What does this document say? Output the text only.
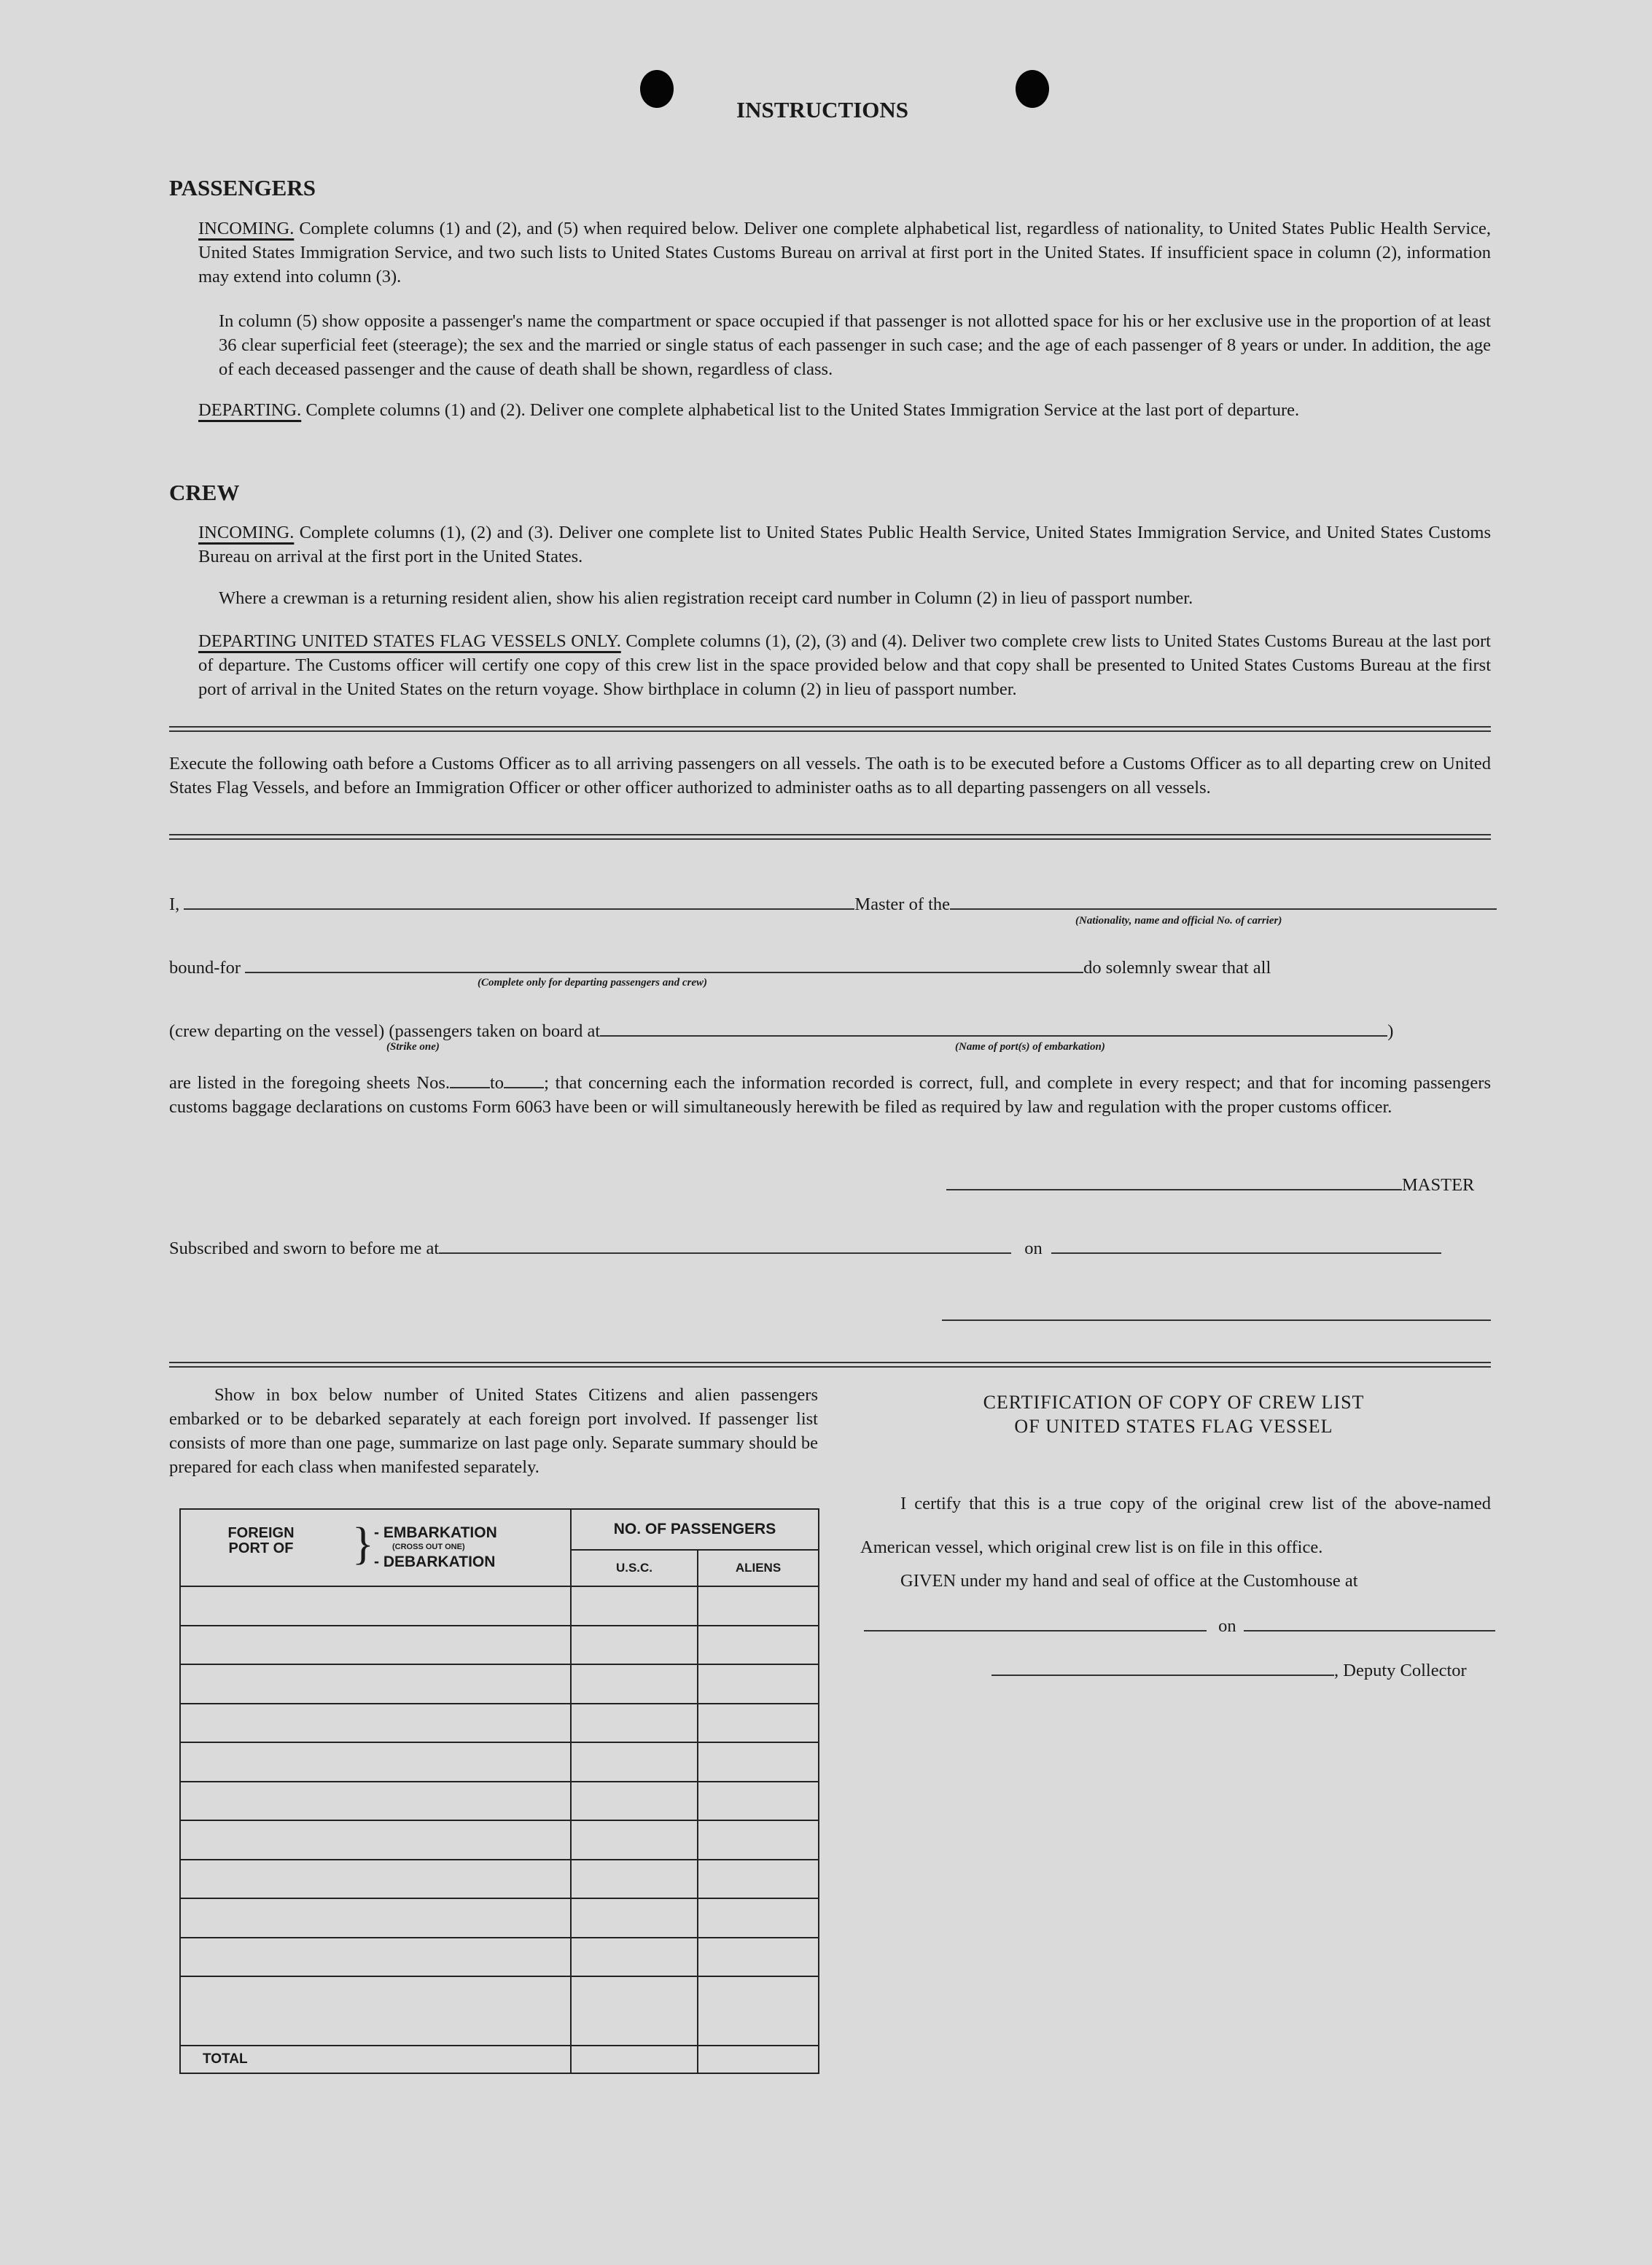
INSTRUCTIONS
PASSENGERS
INCOMING. Complete columns (1) and (2), and (5) when required below. Deliver one complete alphabetical list, regardless of nationality, to United States Public Health Service, United States Immigration Service, and two such lists to United States Customs Bureau on arrival at first port in the United States. If insufficient space in column (2), information may extend into column (3).
In column (5) show opposite a passenger's name the compartment or space occupied if that passenger is not allotted space for his or her exclusive use in the proportion of at least 36 clear superficial feet (steerage); the sex and the married or single status of each passenger in such case; and the age of each passenger of 8 years or under. In addition, the age of each deceased passenger and the cause of death shall be shown, regardless of class.
DEPARTING. Complete columns (1) and (2). Deliver one complete alphabetical list to the United States Immigration Service at the last port of departure.
CREW
INCOMING. Complete columns (1), (2) and (3). Deliver one complete list to United States Public Health Service, United States Immigration Service, and United States Customs Bureau on arrival at the first port in the United States.
Where a crewman is a returning resident alien, show his alien registration receipt card number in Column (2) in lieu of passport number.
DEPARTING UNITED STATES FLAG VESSELS ONLY. Complete columns (1), (2), (3) and (4). Deliver two complete crew lists to United States Customs Bureau at the last port of departure. The Customs officer will certify one copy of this crew list in the space provided below and that copy shall be presented to United States Customs Bureau at the first port of arrival in the United States on the return voyage. Show birthplace in column (2) in lieu of passport number.
Execute the following oath before a Customs Officer as to all arriving passengers on all vessels. The oath is to be executed before a Customs Officer as to all departing crew on United States Flag Vessels, and before an Immigration Officer or other officer authorized to administer oaths as to all departing passengers on all vessels.
I,	Master of the
(Nationality, name and official No. of carrier)
bound-for	do solemnly swear that all
(Complete only for departing passengers and crew)
(crew departing on the vessel) (passengers taken on board at	)
(Strike one)	(Name of port(s) of embarkation)
are listed in the foregoing sheets Nos. to ; that concerning each the information recorded is correct, full, and complete in every respect; and that for incoming passengers customs baggage declarations on customs Form 6063 have been or will simultaneously herewith be filed as required by law and regulation with the proper customs officer.
MASTER
Subscribed and sworn to before me at	on
Show in box below number of United States Citizens and alien passengers embarked or to be debarked separately at each foreign port involved. If passenger list consists of more than one page, summarize on last page only. Separate summary should be prepared for each class when manifested separately.
FOREIGN PORT OF } - EMBARKATION
(CROSS OUT ONE)
- DEBARKATION	NO. OF PASSENGERS	
	U.S.C.	ALIENS

TOTAL		
CERTIFICATION OF COPY OF CREW LIST
OF UNITED STATES FLAG VESSEL
I certify that this is a true copy of the original crew list of the above-named American vessel, which original crew list is on file in this office.
GIVEN under my hand and seal of office at the Customhouse at
on
, Deputy Collector
